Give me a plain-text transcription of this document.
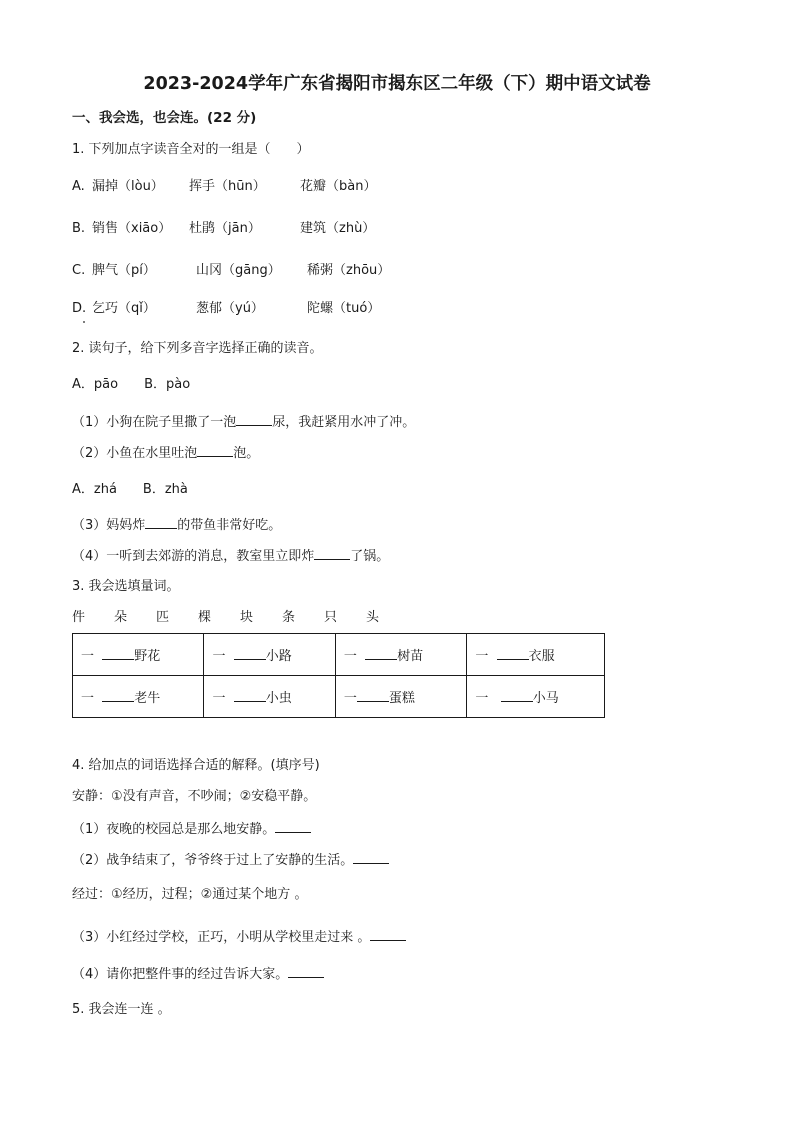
2023-2024学年广东省揭阳市揭东区二年级（下）期中语文试卷
一、我会选，也会连。(22 分)
1. 下列加点字读音全对的一组是（　　）
A. 漏掉（lòu） 挥手（hūn）	花瓣（bàn）
B. 销售（xiāo） 杜鹃（jān）	建筑（zhù）
C. 脾气（pí）	山冈（gāng） 稀粥（zhōu）
D. 乞巧（qǐ）	葱郁（yú）	陀螺（tuó）
2. 读句子，给下列多音字选择正确的读音。
A．pāo　　B．pào
（1）小狗在院子里撒了一泡	尿，我赶紧用水冲了冲。
（2）小鱼在水里吐泡	泡。
A．zhá　　B．zhà
（3）妈妈炸 的带鱼非常好吃。
（4）一听到去郊游的消息，教室里立即炸	了锅。
3. 我会选填量词。
件 朵 匹 棵 块 条 只 头
一 野花	一 小路	一 树苗	一 衣服
一 老牛	一 小虫	一 蛋糕	一 小马
4. 给加点的词语选择合适的解释。(填序号)
安静：①没有声音，不吵闹；②安稳平静。
（1）夜晚的校园总是那么地安静。
（2）战争结束了，爷爷终于过上了安静的生活。
经过：①经历，过程；②通过某个地方 。
（3）小红经过学校，正巧，小明从学校里走过来 。
（4）请你把整件事的经过告诉大家。
5. 我会连一连 。
